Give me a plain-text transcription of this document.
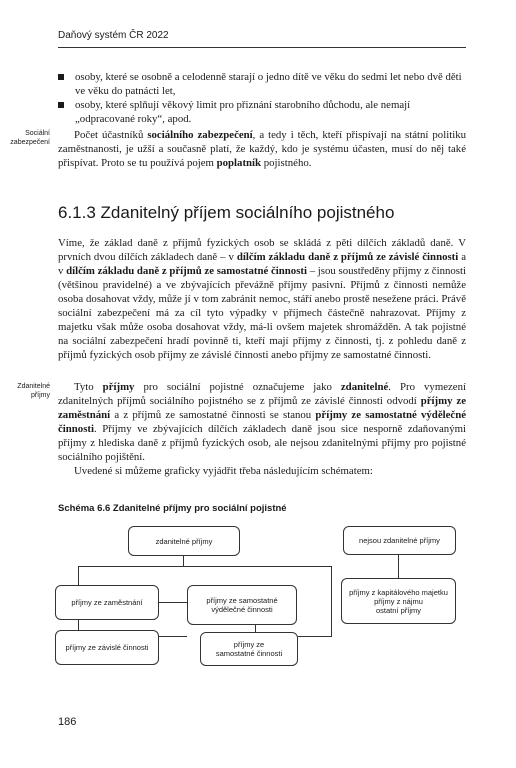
Daňový systém ČR 2022

osoby, které se osobně a celodenně starají o jedno dítě ve věku do sedmi let nebo dvě děti ve věku do patnácti let,

osoby, které splňují věkový limit pro přiznání starobního důchodu, ale nemají „odpracované roky“, apod.

Sociální
zabezpečení

Počet účastníků sociálního zabezpečení, a tedy i těch, kteří přispívají na státní politiku zaměstnanosti, je užší a současně platí, že každý, kdo je systému účasten, musí do něj také přispívat. Proto se tu používá pojem poplatník pojistného.

6.1.3 Zdanitelný příjem sociálního pojistného

Víme, že základ daně z příjmů fyzických osob se skládá z pěti dílčích základů daně. V prvních dvou dílčích základech daně – v dílčím základu daně z příjmů ze závislé činnosti a v dílčím základu daně z příjmů ze samostatné činnosti – jsou soustředěny příjmy z činnosti (většinou pravidelné) a ve zbývajících převážně příjmy pasivní. Příjmů z činnosti nemůže osoba dosahovat vždy, může jí v tom zabránit nemoc, stáří anebo prostě neseženе práci. Právě sociální zabezpečení má za cíl tyto výpadky v příjmech částečně nahrazovat. Příjmy z majetku však může osoba dosahovat vždy, má-li ovšem majetek shromážděn. A tak pojistné na sociální zabezpečení hradí povinně ti, kteří mají příjmy z činnosti, tj. z pohledu daně z příjmů fyzických osob příjmy ze závislé činnosti anebo příjmy ze samostatné činnosti.

Zdanitelné
příjmy

Tyto příjmy pro sociální pojistné označujeme jako zdanitelné. Pro vymezení zdanitelných příjmů sociálního pojistného se z příjmů ze závislé činnosti odvodí příjmy ze zaměstnání a z příjmů ze samostatné činnosti se stanou příjmy ze samostatné výdělečné činnosti. Příjmy ve zbývajících dílčích základech daně jsou sice nesporně zdaňovanými příjmy z hlediska daně z příjmů fyzických osob, ale nejsou zdanitelnými příjmy pro pojistné sociálního pojištění.

Uvedené si můžeme graficky vyjádřit třeba následujícím schématem:

Schéma 6.6 Zdanitelné příjmy pro sociální pojistné
zdanitelné příjmy
příjmy ze zaměstnání	příjmy ze samostatné
výdělečné činnosti
příjmy ze závislé činnosti	příjmy ze
samostatné činnosti
nejsou zdanitelné příjmy
příjmy z kapitálového majetku
příjmy z nájmu
ostatní příjmy
186
